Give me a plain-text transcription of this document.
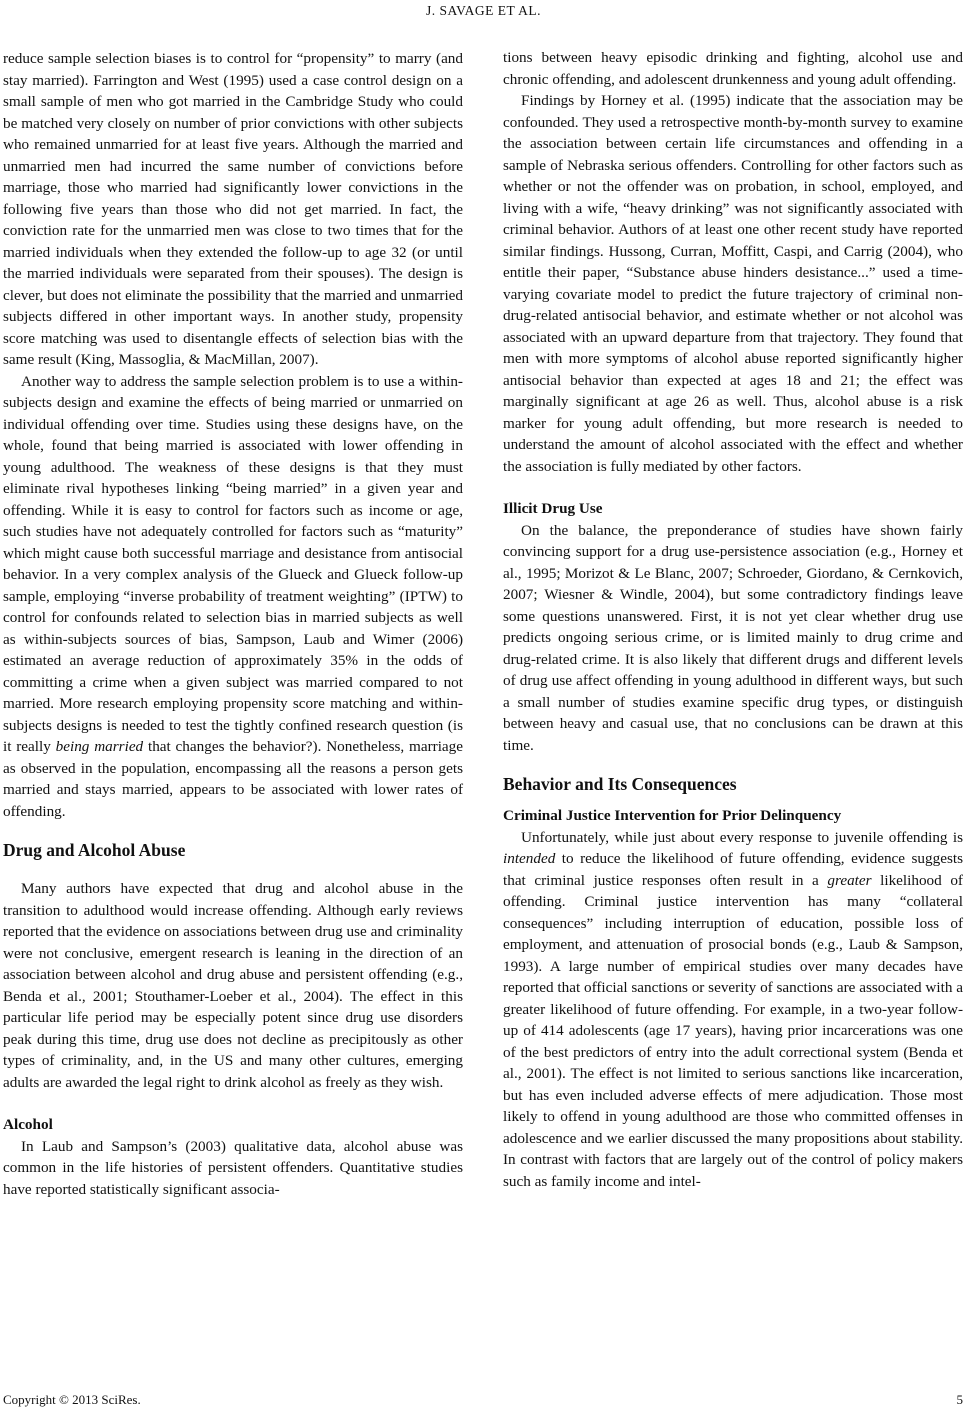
J. SAVAGE ET AL.

reduce sample selection biases is to control for “propensity” to marry (and stay married). Farrington and West (1995) used a case control design on a small sample of men who got married in the Cambridge Study who could be matched very closely on number of prior convictions with other subjects who remained unmarried for at least five years. Although the married and unmarried men had incurred the same number of convictions before marriage, those who married had significantly lower convictions in the following five years than those who did not get married. In fact, the conviction rate for the unmarried men was close to two times that for the married individuals when they extended the follow-up to age 32 (or until the married individuals were separated from their spouses). The design is clever, but does not eliminate the possibility that the married and unmarried subjects differed in other important ways. In another study, propensity score matching was used to disentangle effects of selection bias with the same result (King, Massoglia, & MacMillan, 2007).

Another way to address the sample selection problem is to use a within-subjects design and examine the effects of being married or unmarried on individual offending over time. Studies using these designs have, on the whole, found that being married is associated with lower offending in young adulthood. The weakness of these designs is that they must eliminate rival hypotheses linking “being married” in a given year and offending. While it is easy to control for factors such as income or age, such studies have not adequately controlled for factors such as “maturity” which might cause both successful marriage and desistance from antisocial behavior. In a very complex analysis of the Glueck and Glueck follow-up sample, employing “inverse probability of treatment weighting” (IPTW) to control for confounds related to selection bias in married subjects as well as within-subjects sources of bias, Sampson, Laub and Wimer (2006) estimated an average reduction of approximately 35% in the odds of committing a crime when a given subject was married compared to not married. More research employing propensity score matching and within-subjects designs is needed to test the tightly confined research question (is it really being married that changes the behavior?). Nonetheless, marriage as observed in the population, encompassing all the reasons a person gets married and stays married, appears to be associated with lower rates of offending.

Drug and Alcohol Abuse

Many authors have expected that drug and alcohol abuse in the transition to adulthood would increase offending. Although early reviews reported that the evidence on associations between drug use and criminality were not conclusive, emergent research is leaning in the direction of an association between alcohol and drug abuse and persistent offending (e.g., Benda et al., 2001; Stouthamer-Loeber et al., 2004). The effect in this particular life period may be especially potent since drug use disorders peak during this time, drug use does not decline as precipitously as other types of criminality, and, in the US and many other cultures, emerging adults are awarded the legal right to drink alcohol as freely as they wish.

Alcohol

In Laub and Sampson’s (2003) qualitative data, alcohol abuse was common in the life histories of persistent offenders. Quantitative studies have reported statistically significant associa-

tions between heavy episodic drinking and fighting, alcohol use and chronic offending, and adolescent drunkenness and young adult offending.

Findings by Horney et al. (1995) indicate that the association may be confounded. They used a retrospective month-by-month survey to examine the association between certain life circumstances and offending in a sample of Nebraska serious offenders. Controlling for other factors such as whether or not the offender was on probation, in school, employed, and living with a wife, “heavy drinking” was not significantly associated with criminal behavior. Authors of at least one other recent study have reported similar findings. Hussong, Curran, Moffitt, Caspi, and Carrig (2004), who entitle their paper, “Substance abuse hinders desistance...” used a time-varying covariate model to predict the future trajectory of criminal non-drug-related antisocial behavior, and estimate whether or not alcohol was associated with an upward departure from that trajectory. They found that men with more symptoms of alcohol abuse reported significantly higher antisocial behavior than expected at ages 18 and 21; the effect was marginally significant at age 26 as well. Thus, alcohol abuse is a risk marker for young adult offending, but more research is needed to understand the amount of alcohol associated with the effect and whether the association is fully mediated by other factors.

Illicit Drug Use

On the balance, the preponderance of studies have shown fairly convincing support for a drug use-persistence association (e.g., Horney et al., 1995; Morizot & Le Blanc, 2007; Schroeder, Giordano, & Cernkovich, 2007; Wiesner & Windle, 2004), but some contradictory findings leave some questions unanswered. First, it is not yet clear whether drug use predicts ongoing serious crime, or is limited mainly to drug crime and drug-related crime. It is also likely that different drugs and different levels of drug use affect offending in young adulthood in different ways, but such a small number of studies examine specific drug types, or distinguish between heavy and casual use, that no conclusions can be drawn at this time.

Behavior and Its Consequences
Criminal Justice Intervention for Prior Delinquency

Unfortunately, while just about every response to juvenile offending is intended to reduce the likelihood of future offending, evidence suggests that criminal justice responses often result in a greater likelihood of offending. Criminal justice intervention has many “collateral consequences” including interruption of education, possible loss of employment, and attenuation of prosocial bonds (e.g., Laub & Sampson, 1993). A large number of empirical studies over many decades have reported that official sanctions or severity of sanctions are associated with a greater likelihood of future offending. For example, in a two-year follow-up of 414 adolescents (age 17 years), having prior incarcerations was one of the best predictors of entry into the adult correctional system (Benda et al., 2001). The effect is not limited to serious sanctions like incarceration, but has even included adverse effects of mere adjudication. Those most likely to offend in young adulthood are those who committed offenses in adolescence and we earlier discussed the many propositions about stability. In contrast with factors that are largely out of the control of policy makers such as family income and intel-

Copyright © 2013 SciRes.	5
